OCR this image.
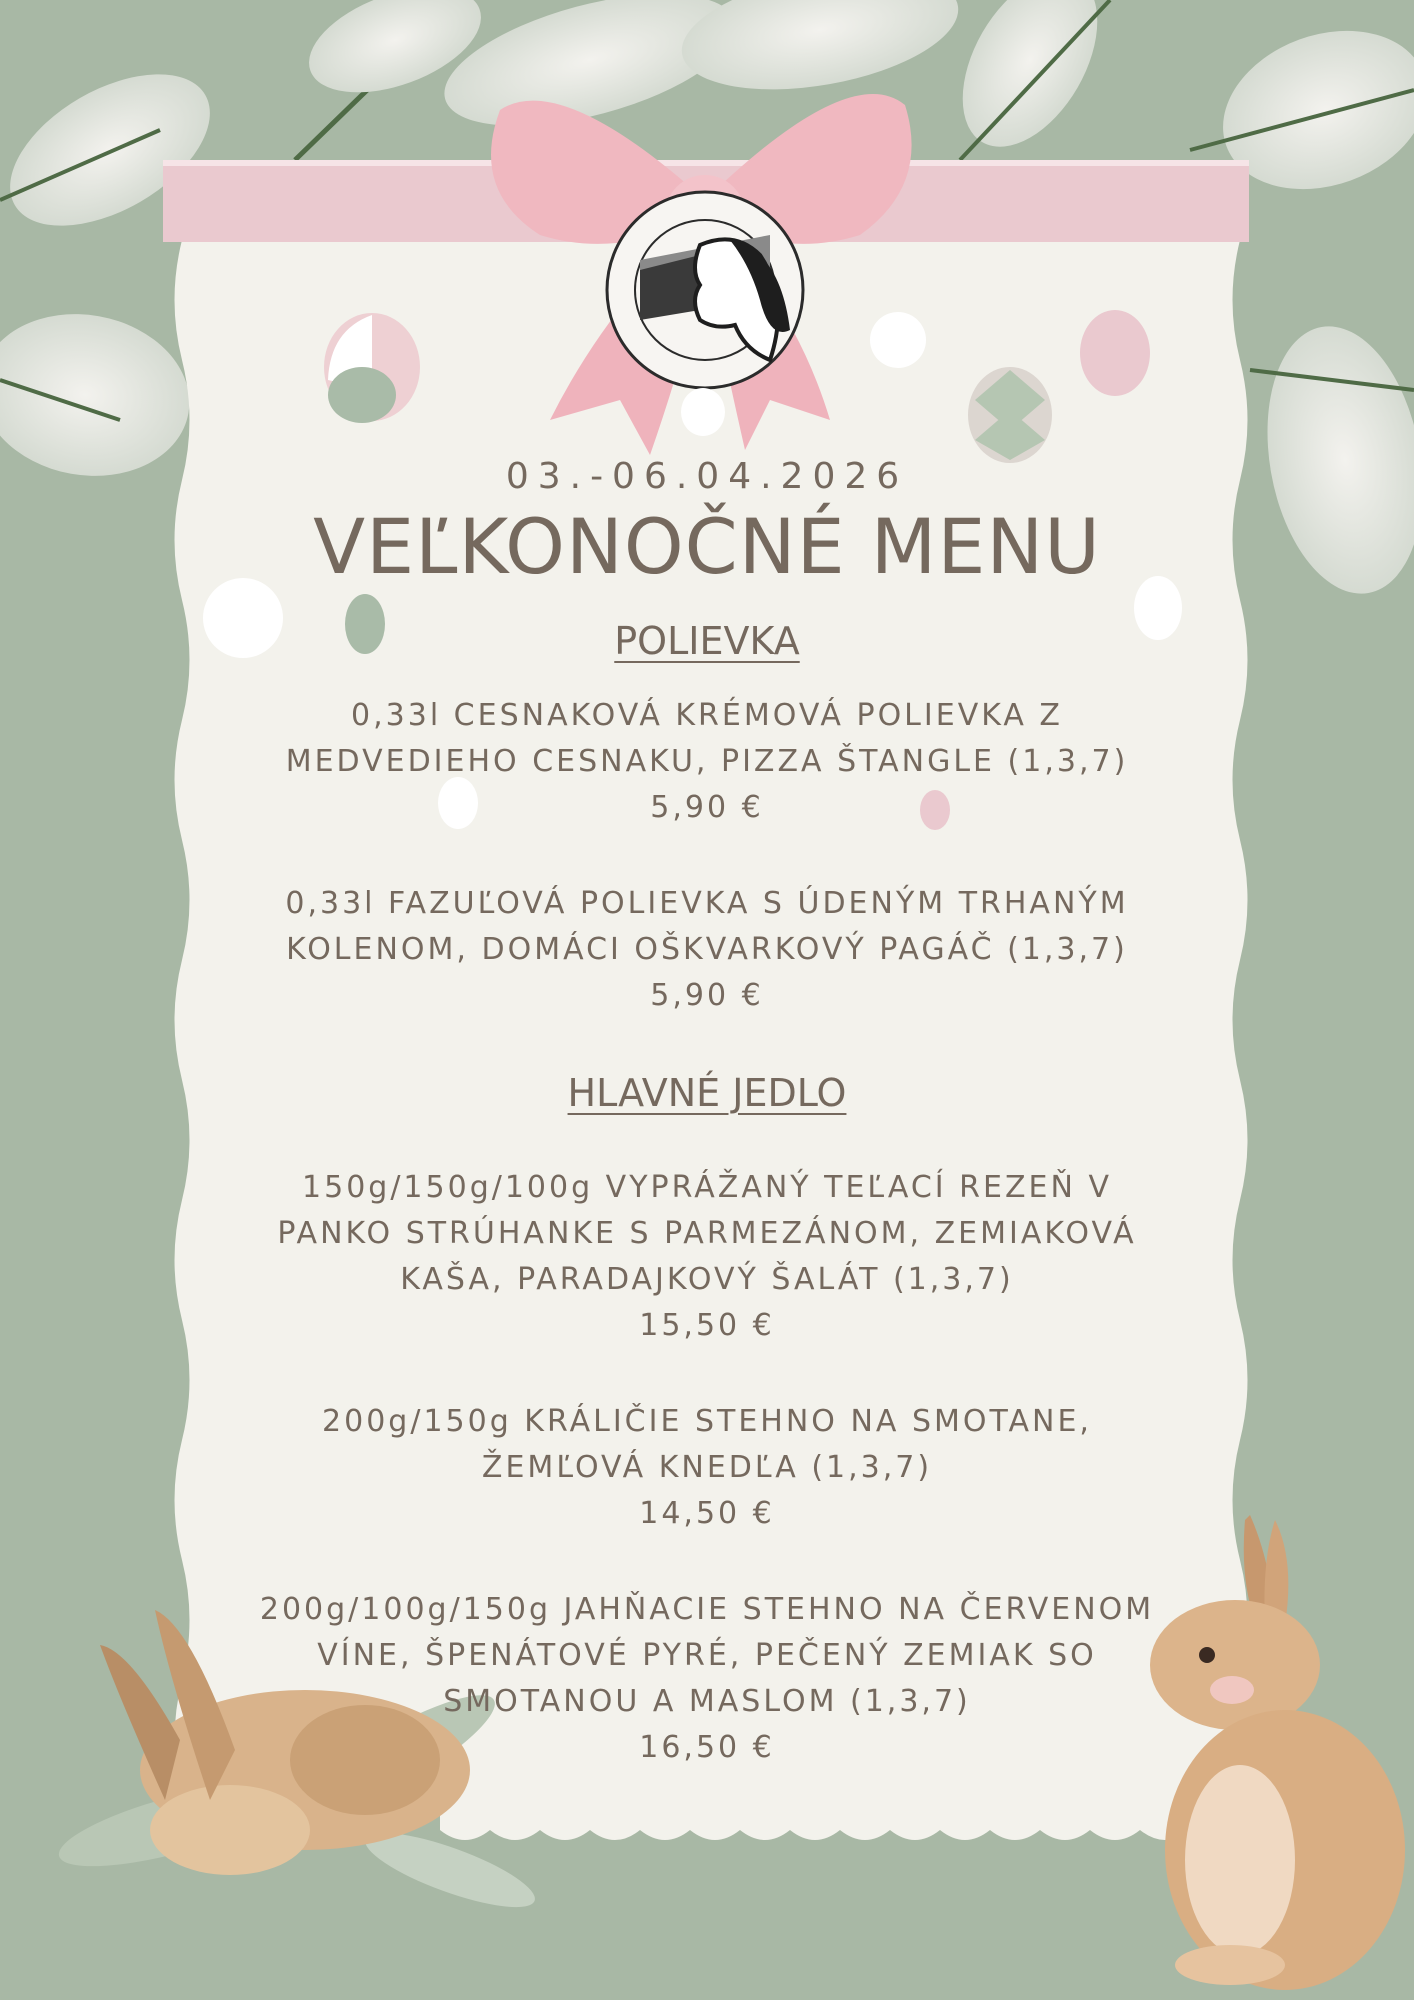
03.-06.04.2026
VEĽKONOČNÉ MENU
POLIEVKA
0,33l CESNAKOVÁ KRÉMOVÁ POLIEVKA Z
MEDVEDIEHO CESNAKU, PIZZA ŠTANGLE (1,3,7)
5,90 €
0,33l FAZUĽOVÁ POLIEVKA S ÚDENÝM TRHANÝM
KOLENOM, DOMÁCI OŠKVARKOVÝ PAGÁČ (1,3,7)
5,90 €
HLAVNÉ JEDLO
150g/150g/100g VYPRÁŽANÝ TEĽACÍ REZEŇ V
PANKO STRÚHANKE S PARMEZÁNOM, ZEMIAKOVÁ
KAŠA, PARADAJKOVÝ ŠALÁT (1,3,7)
15,50 €
200g/150g KRÁLIČIE STEHNO NA SMOTANE,
ŽEMĽOVÁ KNEDĽA (1,3,7)
14,50 €
200g/100g/150g JAHŇACIE STEHNO NA ČERVENOM
VÍNE, ŠPENÁTOVÉ PYRÉ, PEČENÝ ZEMIAK SO
SMOTANOU A MASLOM (1,3,7)
16,50 €
